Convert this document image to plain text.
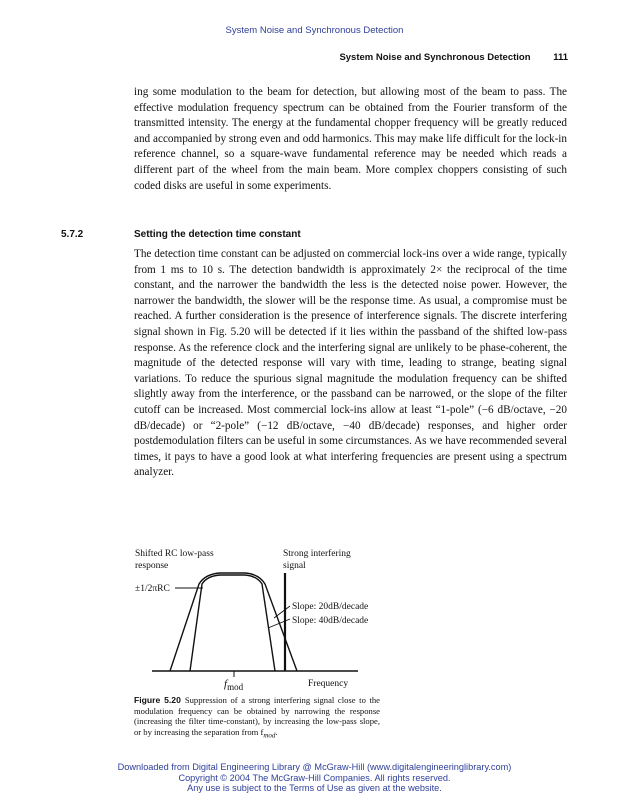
System Noise and Synchronous Detection
System Noise and Synchronous Detection 111

ing some modulation to the beam for detection, but allowing most of the beam to pass. The effective modulation frequency spectrum can be obtained from the Fourier transform of the transmitted intensity. The energy at the fundamental chopper frequency will be greatly reduced and accompanied by strong even and odd harmonics. This may make life difficult for the lock-in reference channel, so a square-wave fundamental reference may be needed which reads a different part of the wheel from the main beam. More complex choppers consisting of such coded disks are useful in some experiments.

5.7.2	Setting the detection time constant

The detection time constant can be adjusted on commercial lock-ins over a wide range, typically from 1 ms to 10 s. The detection bandwidth is approximately 2× the reciprocal of the time constant, and the narrower the bandwidth the less is the detected noise power. However, the narrower the bandwidth, the slower will be the response time. As usual, a compromise must be reached. A further consideration is the presence of interference signals. The discrete interfering signal shown in Fig. 5.20 will be detected if it lies within the passband of the shifted low-pass response. As the reference clock and the interfering signal are unlikely to be phase-coherent, the magnitude of the detected response will vary with time, leading to strange, beating signal variations. To reduce the spurious signal magnitude the modulation frequency can be shifted slightly away from the interference, or the passband can be narrowed, or the slope of the filter cutoff can be increased. Most commercial lock-ins allow at least “1-pole” (−6 dB/octave, −20 dB/decade) or “2-pole” (−12 dB/octave, −40 dB/decade) responses, and higher order postdemodulation filters can be useful in some circumstances. As we have recommended several times, it pays to have a good look at what interfering frequencies are present using a spectrum analyzer.

Shifted RC low-pass
response
±1/2πRC
Strong interfering
signal
Slope: 20dB/decade
Slope: 40dB/decade
$f_{mod}$	Frequency
Figure 5.20 Suppression of a strong interfering signal close to the modulation frequency can be obtained by narrowing the response (increasing the filter time-constant), by increasing the low-pass slope, or by increasing the separation from $f_{mod}$.
Downloaded from Digital Engineering Library @ McGraw-Hill (www.digitalengineeringlibrary.com)
Copyright © 2004 The McGraw-Hill Companies. All rights reserved.
Any use is subject to the Terms of Use as given at the website.
